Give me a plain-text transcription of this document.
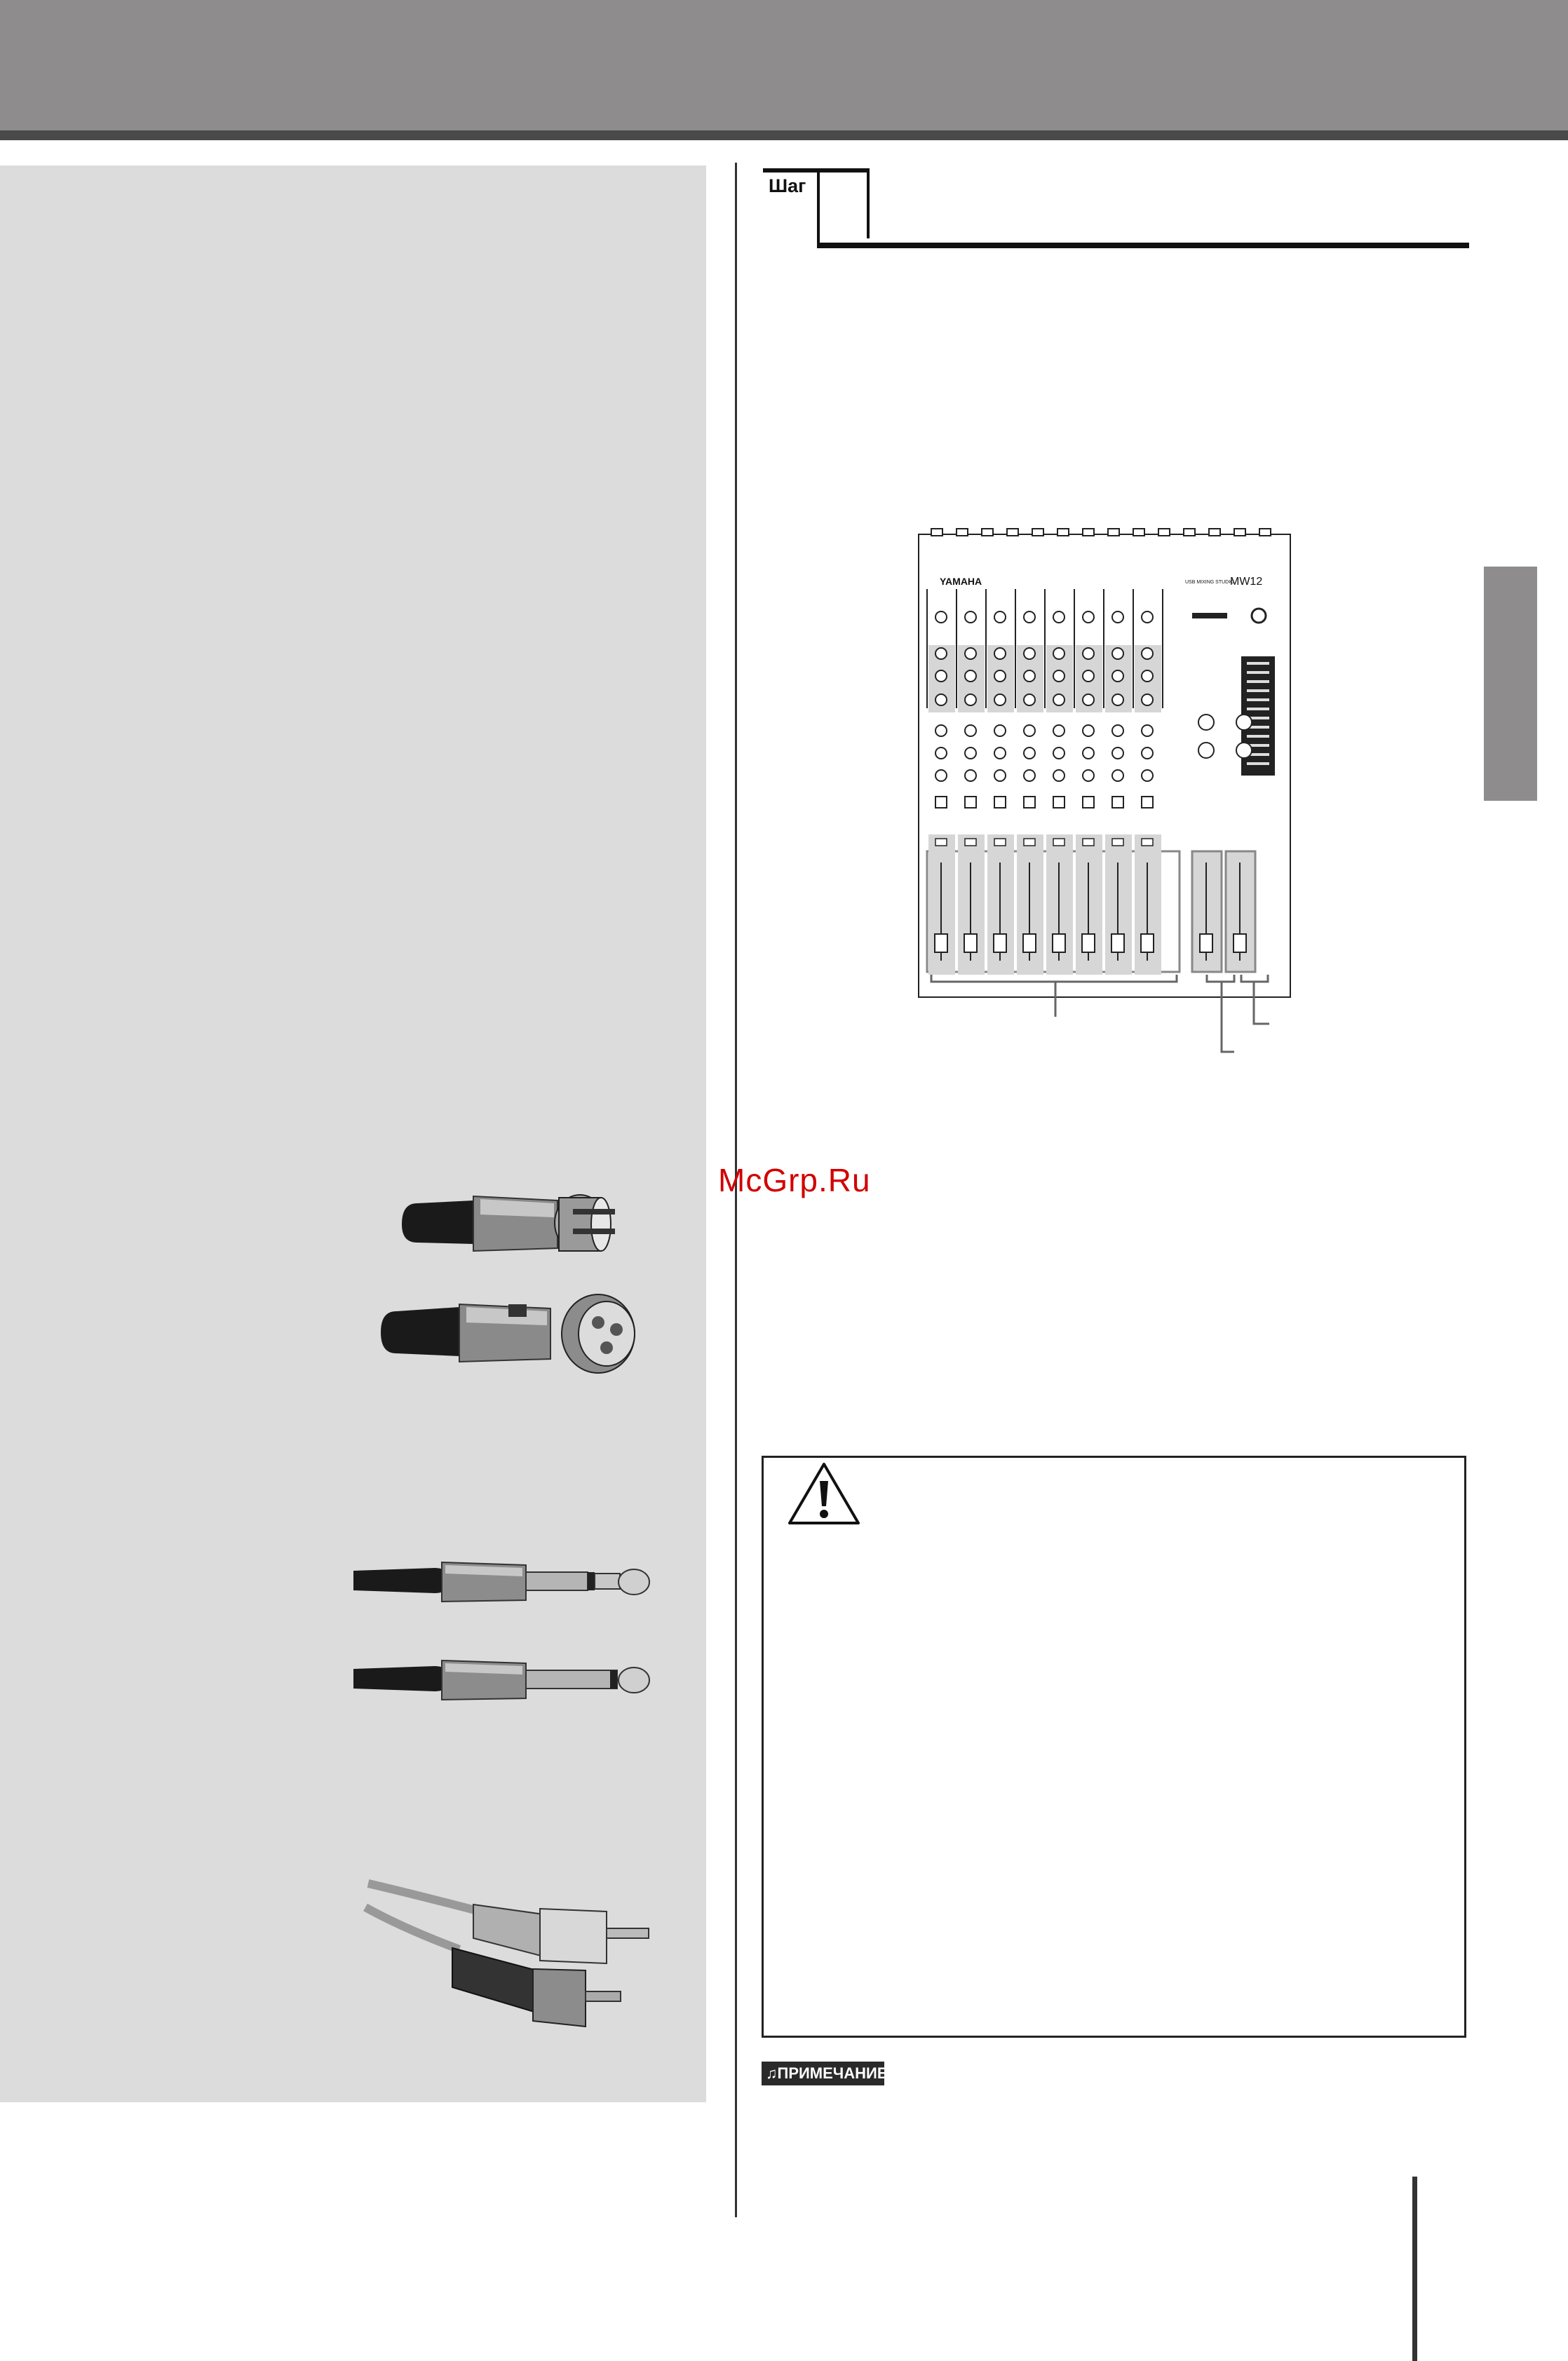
Шаг
YAMAHA	USB MIXING STUDIO
MW12
McGrp.Ru
♫ПРИМЕЧАНИЕ
